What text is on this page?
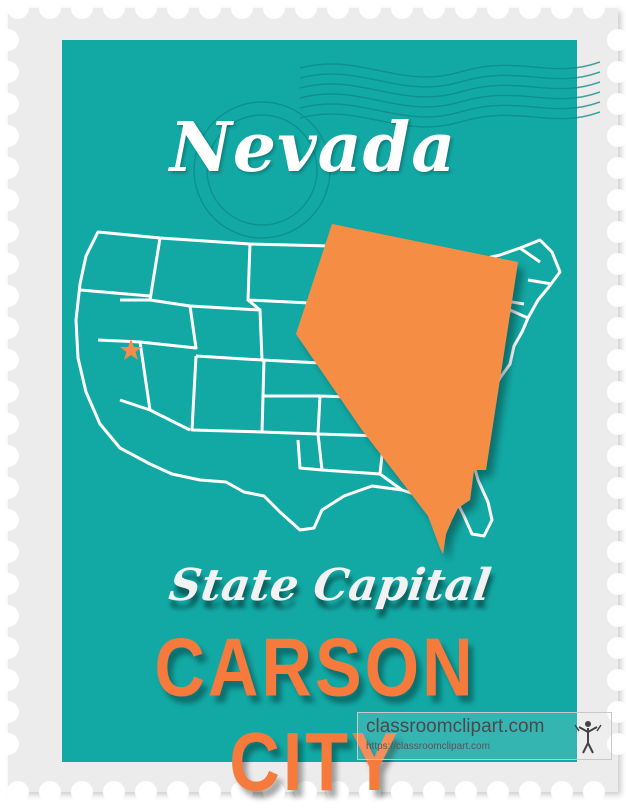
Nevada
State Capital
CARSON CITY
classroomclipart.com
https://classroomclipart.com
